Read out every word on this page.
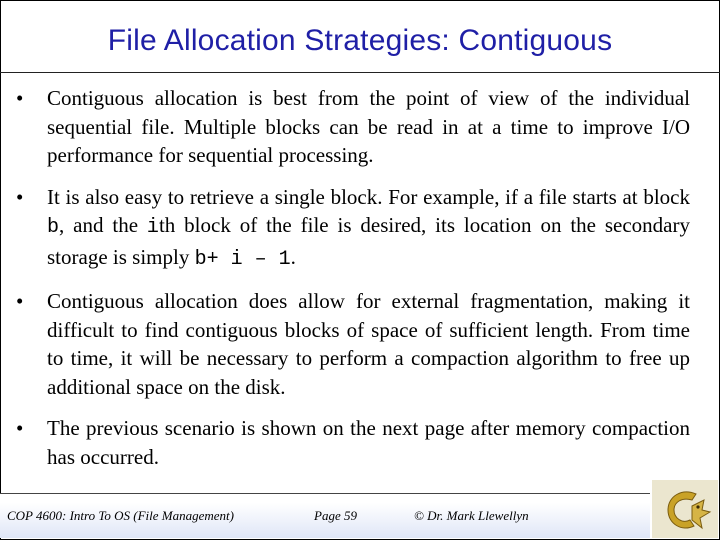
File Allocation Strategies: Contiguous
•	Contiguous allocation is best from the point of view of the individual sequential file. Multiple blocks can be read in at a time to improve I/O performance for sequential processing.
•	It is also easy to retrieve a single block. For example, if a file starts at block b, and the ith block of the file is desired, its location on the secondary storage is simply b+ i – 1.
•	Contiguous allocation does allow for external fragmentation, making it difficult to find contiguous blocks of space of sufficient length. From time to time, it will be necessary to perform a compaction algorithm to free up additional space on the disk.
•	The previous scenario is shown on the next page after memory compaction has occurred.
COP 4600: Intro To OS (File Management)	Page 59	© Dr. Mark Llewellyn
